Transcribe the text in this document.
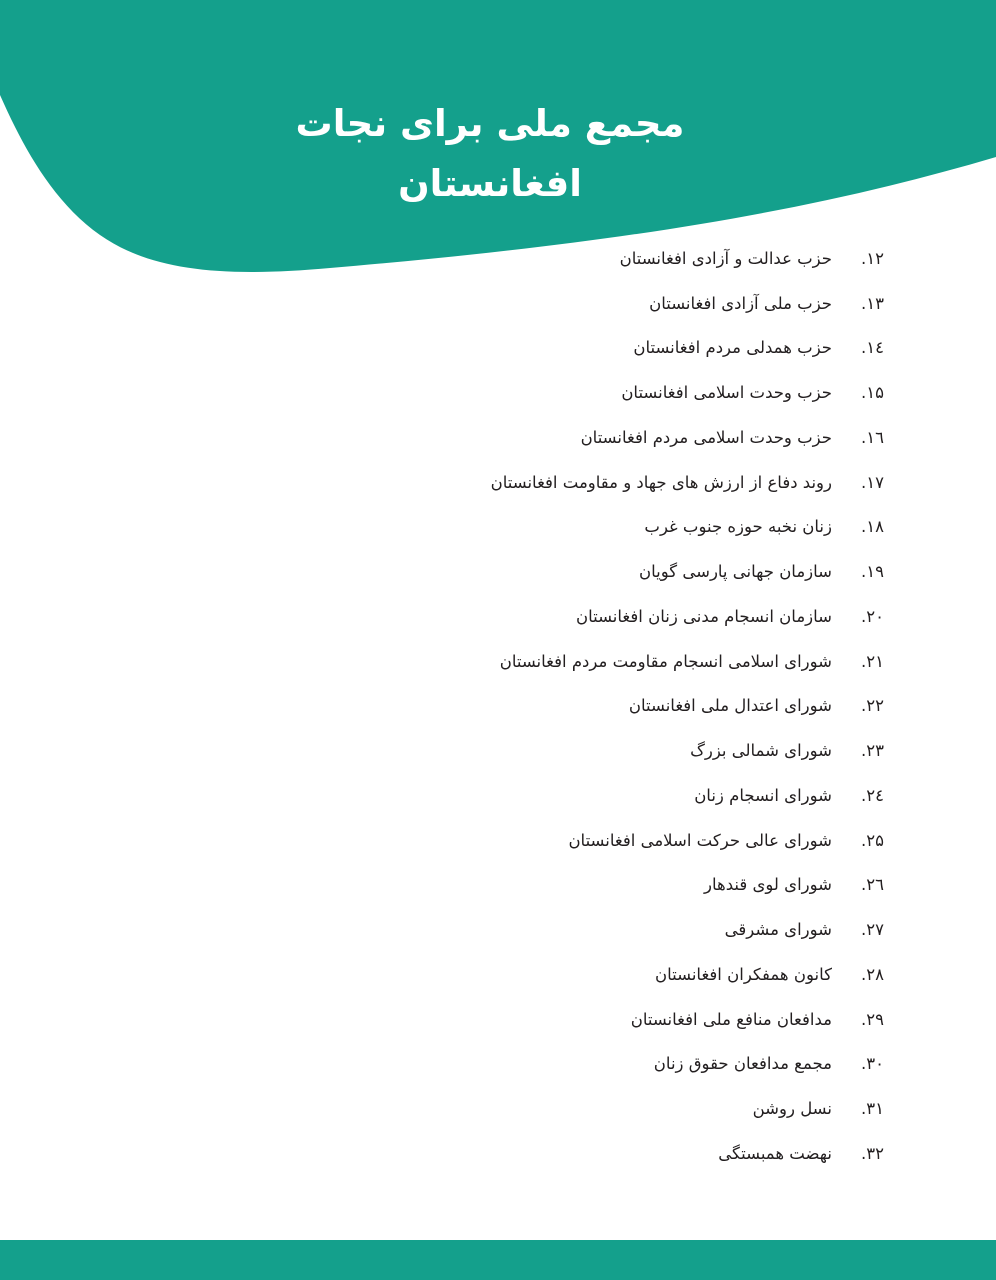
مجمع ملی برای نجات افغانستان
۱۲.
حزب عدالت و آزادی افغانستان
۱۳.
حزب ملی آزادی افغانستان
۱٤.
حزب همدلی مردم افغانستان
۱۵.
حزب وحدت اسلامی افغانستان
۱٦.
حزب وحدت اسلامی مردم افغانستان
۱۷.
روند دفاع از ارزش های جهاد و مقاومت افغانستان
۱۸.
زنان نخبه حوزه جنوب غرب
۱۹.
سازمان جهانی پارسی گویان
۲۰.
سازمان انسجام مدنی زنان افغانستان
۲۱.
شورای اسلامی انسجام مقاومت مردم افغانستان
۲۲.
شورای اعتدال ملی افغانستان
۲۳.
شورای شمالی بزرگ
۲٤.
شورای انسجام زنان
۲۵.
شورای عالی حرکت اسلامی افغانستان
۲٦.
شورای لوی قندهار
۲۷.
شورای مشرقی
۲۸.
کانون همفکران افغانستان
۲۹.
مدافعان منافع ملی افغانستان
۳۰.
مجمع مدافعان حقوق زنان
۳۱.
نسل روشن
۳۲.
نهضت همبستگی
